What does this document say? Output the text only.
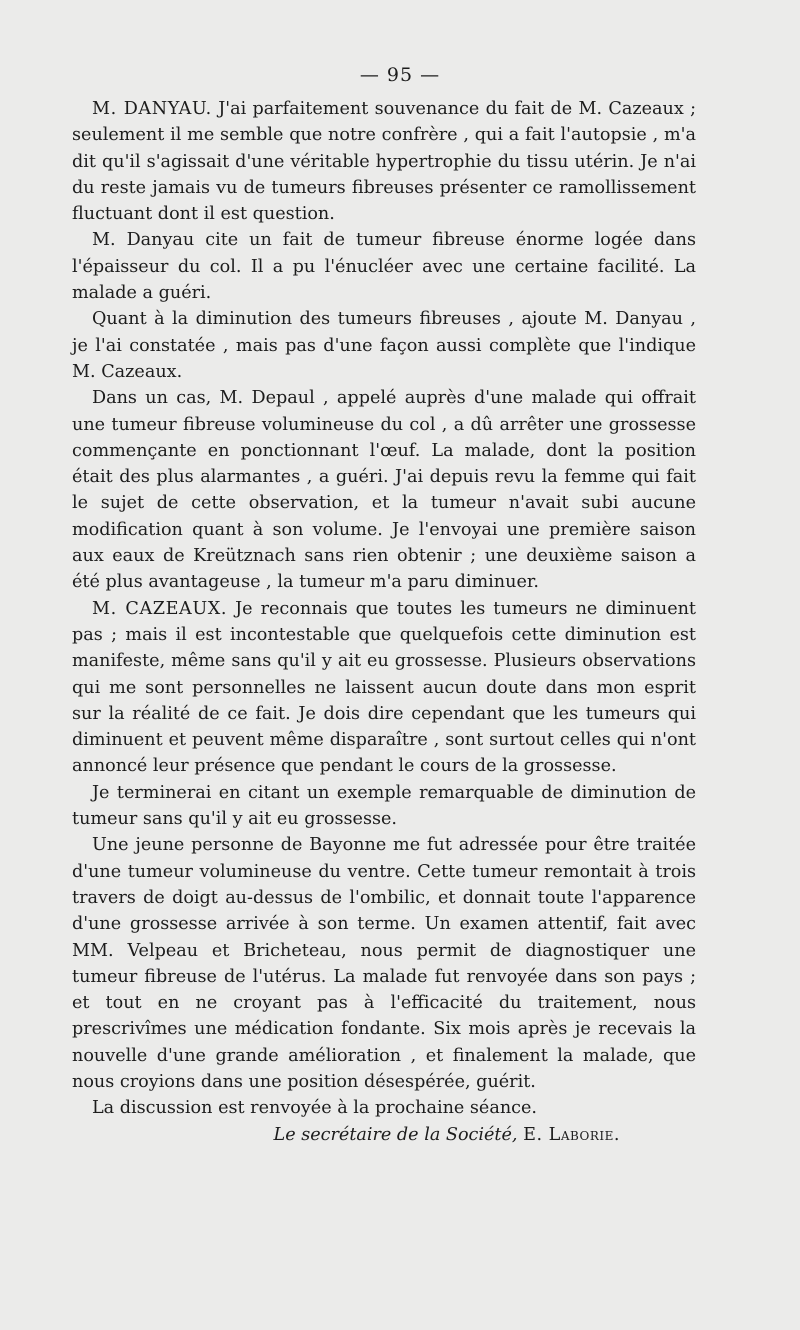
— 95 —

M. DANYAU. J'ai parfaitement souvenance du fait de M. Cazeaux ; seulement il me semble que notre confrère , qui a fait l'autopsie , m'a dit qu'il s'agissait d'une véritable hypertrophie du tissu utérin. Je n'ai du reste jamais vu de tumeurs fibreuses présenter ce ramollissement fluctuant dont il est question.

M. Danyau cite un fait de tumeur fibreuse énorme logée dans l'épaisseur du col. Il a pu l'énucléer avec une certaine facilité. La malade a guéri.

Quant à la diminution des tumeurs fibreuses , ajoute M. Danyau , je l'ai constatée , mais pas d'une façon aussi complète que l'indique M. Cazeaux.

Dans un cas, M. Depaul , appelé auprès d'une malade qui offrait une tumeur fibreuse volumineuse du col , a dû arrêter une grossesse commençante en ponctionnant l'œuf. La malade, dont la position était des plus alarmantes , a guéri. J'ai depuis revu la femme qui fait le sujet de cette observation, et la tumeur n'avait subi aucune modification quant à son volume. Je l'envoyai une première saison aux eaux de Kreütznach sans rien obtenir ; une deuxième saison a été plus avantageuse , la tumeur m'a paru diminuer.

M. CAZEAUX. Je reconnais que toutes les tumeurs ne diminuent pas ; mais il est incontestable que quelquefois cette diminution est manifeste, même sans qu'il y ait eu grossesse. Plusieurs observations qui me sont personnelles ne laissent aucun doute dans mon esprit sur la réalité de ce fait. Je dois dire cependant que les tumeurs qui diminuent et peuvent même disparaître , sont surtout celles qui n'ont annoncé leur présence que pendant le cours de la grossesse.

Je terminerai en citant un exemple remarquable de diminution de tumeur sans qu'il y ait eu grossesse.

Une jeune personne de Bayonne me fut adressée pour être traitée d'une tumeur volumineuse du ventre. Cette tumeur remontait à trois travers de doigt au-dessus de l'ombilic, et donnait toute l'apparence d'une grossesse arrivée à son terme. Un examen attentif, fait avec MM. Velpeau et Bricheteau, nous permit de diagnostiquer une tumeur fibreuse de l'utérus. La malade fut renvoyée dans son pays ; et tout en ne croyant pas à l'efficacité du traitement, nous prescrivîmes une médication fondante. Six mois après je recevais la nouvelle d'une grande amélioration , et finalement la malade, que nous croyions dans une position désespérée, guérit.

La discussion est renvoyée à la prochaine séance.

Le secrétaire de la Société, E. Laborie.
